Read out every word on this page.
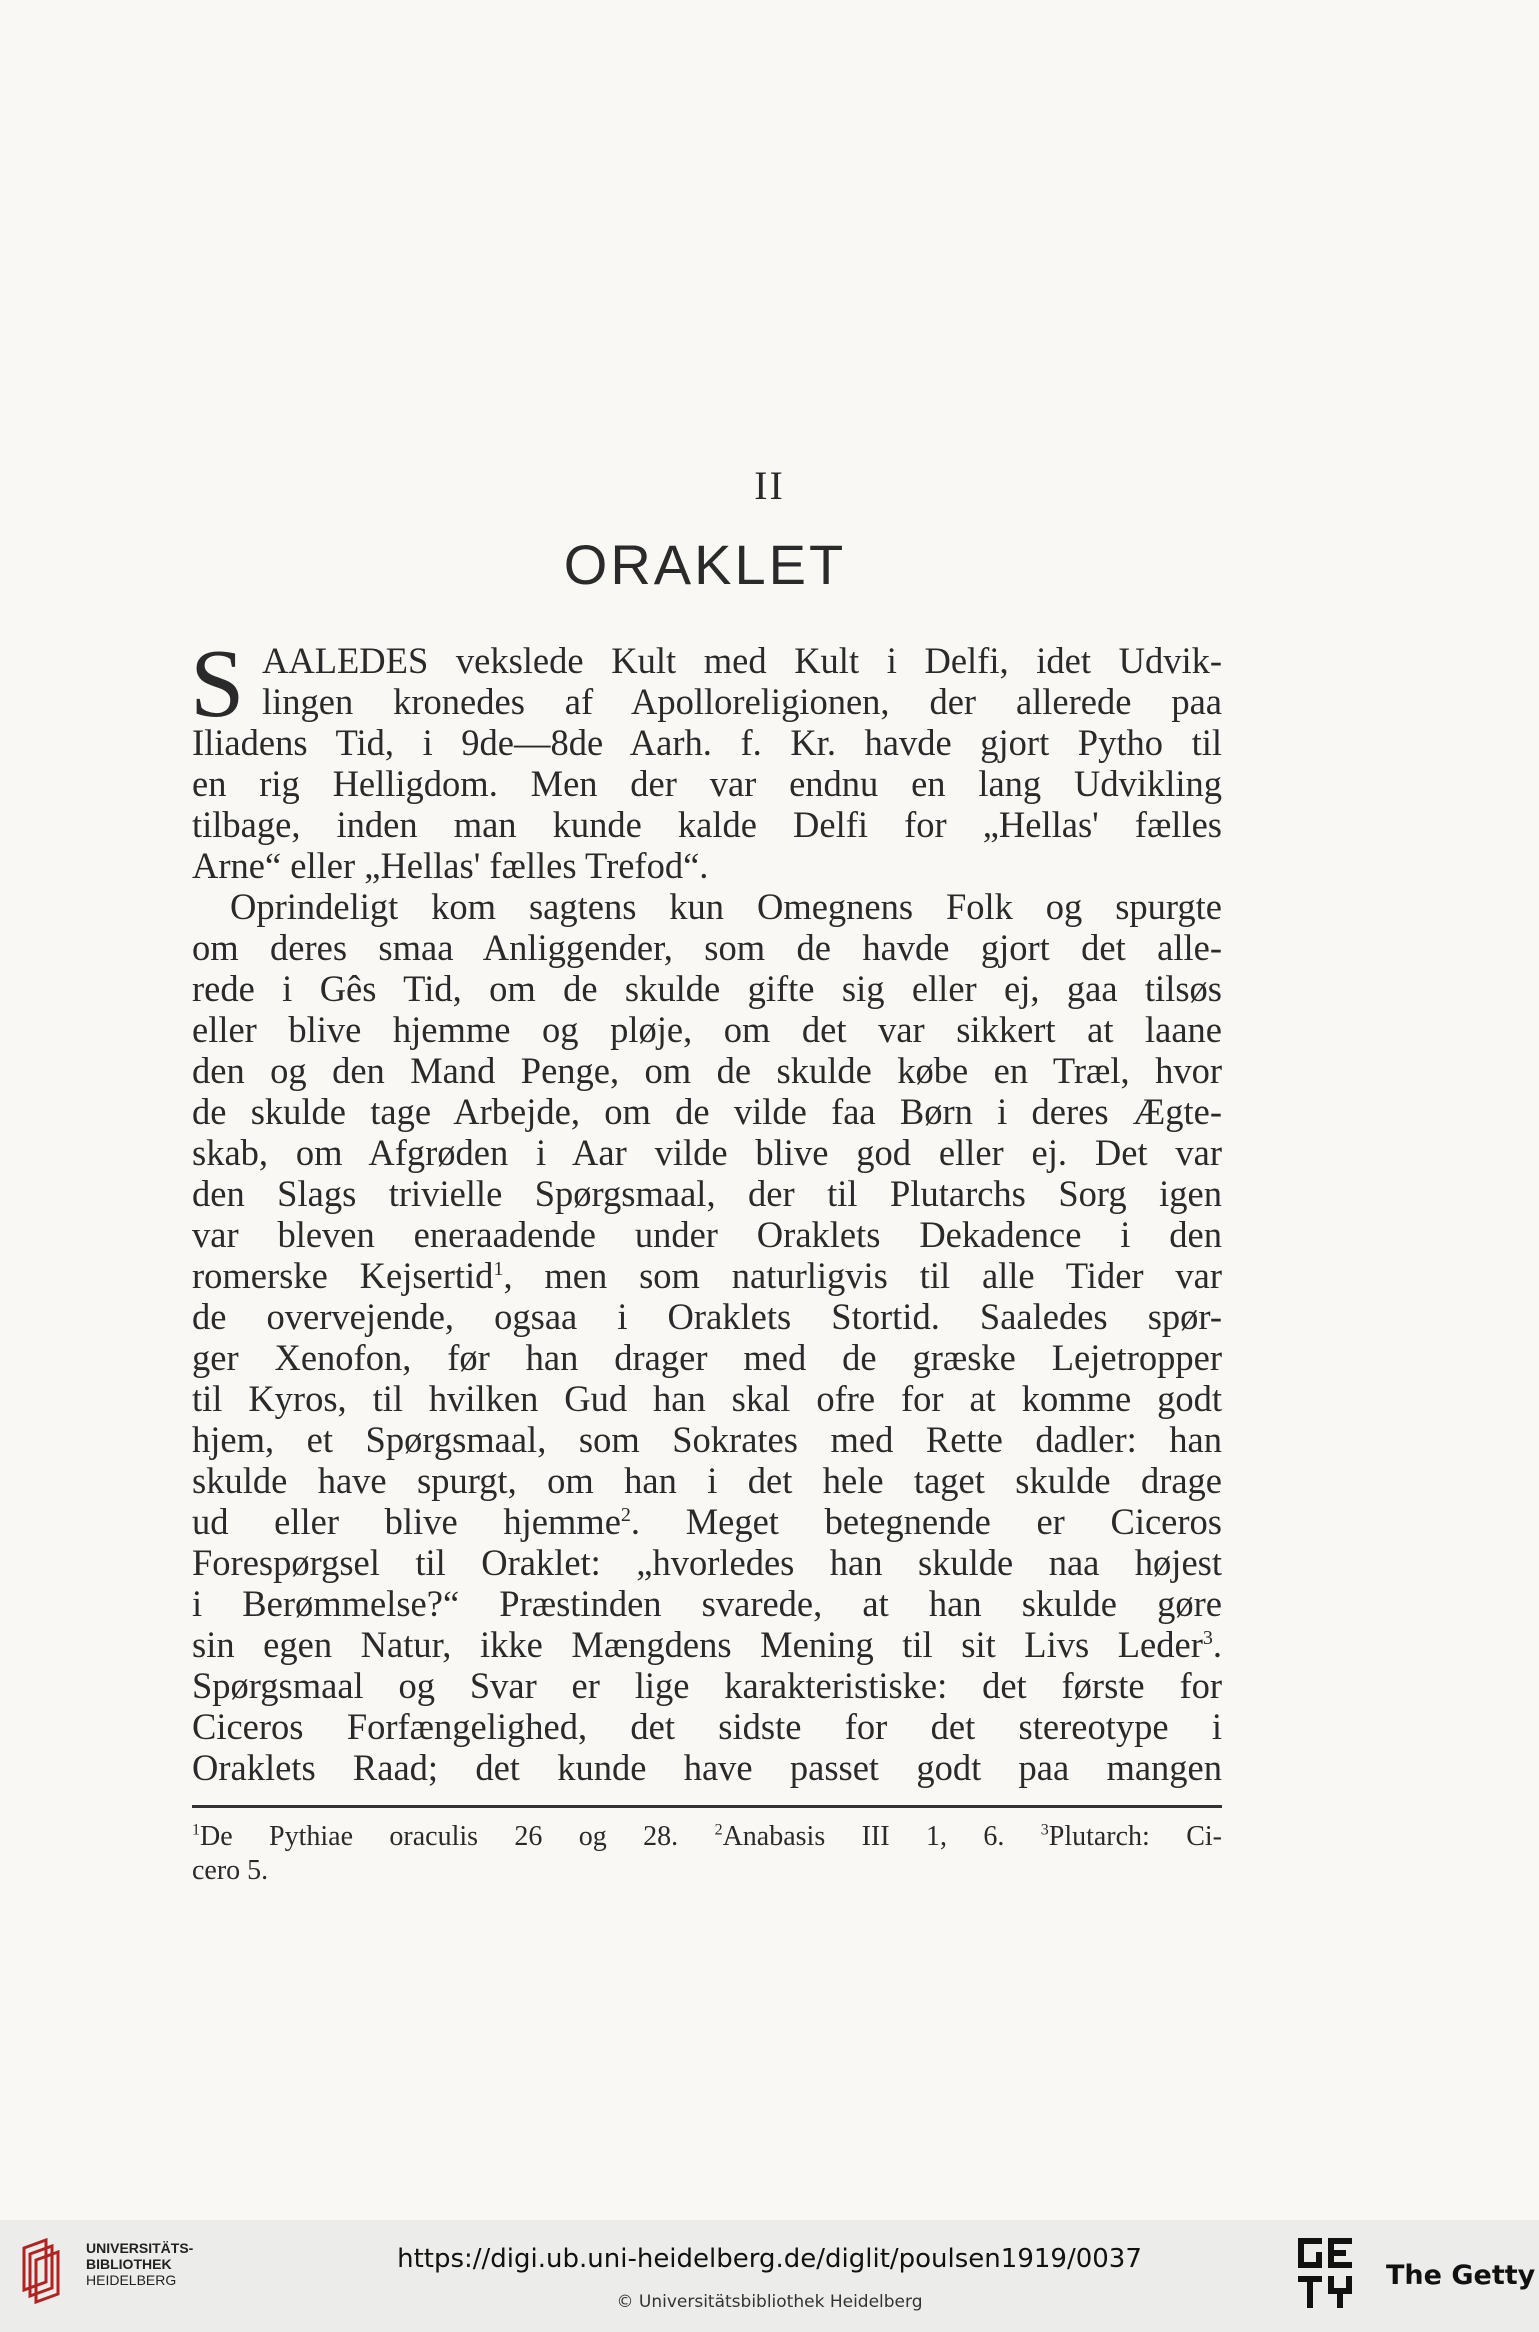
II
ORAKLET
S AALEDES vekslede Kult med Kult i Delfi, idet Udvik-
lingen kronedes af Apolloreligionen, der allerede paa
Iliadens Tid, i 9de—8de Aarh. f. Kr. havde gjort Pytho til
en rig Helligdom. Men der var endnu en lang Udvikling
tilbage, inden man kunde kalde Delfi for „Hellas' fælles
Arne“ eller „Hellas' fælles Trefod“.
Oprindeligt kom sagtens kun Omegnens Folk og spurgte
om deres smaa Anliggender, som de havde gjort det alle-
rede i Gês Tid, om de skulde gifte sig eller ej, gaa tilsøs
eller blive hjemme og pløje, om det var sikkert at laane
den og den Mand Penge, om de skulde købe en Træl, hvor
de skulde tage Arbejde, om de vilde faa Børn i deres Ægte-
skab, om Afgrøden i Aar vilde blive god eller ej. Det var
den Slags trivielle Spørgsmaal, der til Plutarchs Sorg igen
var bleven eneraadende under Oraklets Dekadence i den
romerske Kejsertid$^1$, men som naturligvis til alle Tider var
de overvejende, ogsaa i Oraklets Stortid. Saaledes spør-
ger Xenofon, før han drager med de græske Lejetropper
til Kyros, til hvilken Gud han skal ofre for at komme godt
hjem, et Spørgsmaal, som Sokrates med Rette dadler: han
skulde have spurgt, om han i det hele taget skulde drage
ud eller blive hjemme$^2$. Meget betegnende er Ciceros
Forespørgsel til Oraklet: „hvorledes han skulde naa højest
i Berømmelse?“ Præstinden svarede, at han skulde gøre
sin egen Natur, ikke Mængdens Mening til sit Livs Leder$^3$.
Spørgsmaal og Svar er lige karakteristiske: det første for
Ciceros Forfængelighed, det sidste for det stereotype i
Oraklets Raad; det kunde have passet godt paa mangen
$^1$De Pythiae oraculis 26 og 28. $^2$Anabasis III 1, 6. $^3$Plutarch: Ci-
cero 5.
UNIVERSITÄTS-
BIBLIOTHEK
HEIDELBERG
https://digi.ub.uni-heidelberg.de/diglit/poulsen1919/0037
© Universitätsbibliothek Heidelberg
The Getty
